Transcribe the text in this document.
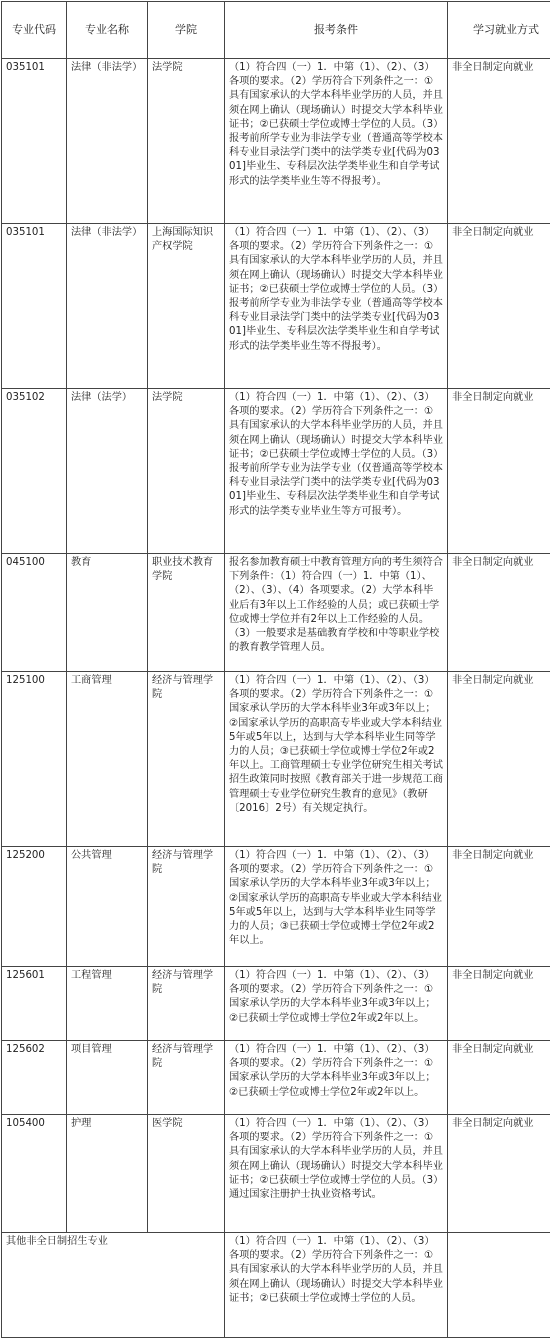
专业代码	专业名称	学院	报考条件	学习就业方式
035101	法律（非法学）	法学院	（1）符合四（一）1．中第（1）、（2）、（3）各项的要求。（2）学历符合下列条件之一：①具有国家承认的大学本科毕业学历的人员，并且须在网上确认（现场确认）时提交大学本科毕业证书；②已获硕士学位或博士学位的人员。（3）报考前所学专业为非法学专业（普通高等学校本科专业目录法学门类中的法学类专业[代码为0301]毕业生、专科层次法学类毕业生和自学考试形式的法学类毕业生等不得报考）。	非全日制定向就业
035101	法律（非法学）	上海国际知识产权学院	（1）符合四（一）1．中第（1）、（2）、（3）各项的要求。（2）学历符合下列条件之一：①具有国家承认的大学本科毕业学历的人员，并且须在网上确认（现场确认）时提交大学本科毕业证书；②已获硕士学位或博士学位的人员。（3）报考前所学专业为非法学专业（普通高等学校本科专业目录法学门类中的法学类专业[代码为0301]毕业生、专科层次法学类毕业生和自学考试形式的法学类毕业生等不得报考）。	非全日制定向就业
035102	法律（法学）	法学院	（1）符合四（一）1．中第（1）、（2）、（3）各项的要求。（2）学历符合下列条件之一：①具有国家承认的大学本科毕业学历的人员，并且须在网上确认（现场确认）时提交大学本科毕业证书；②已获硕士学位或博士学位的人员。（3）报考前所学专业为法学专业（仅普通高等学校本科专业目录法学门类中的法学类专业[代码为0301]毕业生、专科层次法学类毕业生和自学考试形式的法学类专业毕业生等方可报考）。	非全日制定向就业
045100	教育	职业技术教育学院	报名参加教育硕士中教育管理方向的考生须符合下列条件：（1）符合四（一）1．中第（1）、（2）、（3）、（4）各项要求。（2）大学本科毕业后有3年以上工作经验的人员；或已获硕士学位或博士学位并有2年以上工作经验的人员。（3）一般要求是基础教育学校和中等职业学校的教育教学管理人员。	非全日制定向就业
125100	工商管理	经济与管理学院	（1）符合四（一）1．中第（1）、（2）、（3）各项的要求。（2）学历符合下列条件之一：①国家承认学历的大学本科毕业3年或3年以上；②国家承认学历的高职高专毕业或大学本科结业5年或5年以上，达到与大学本科毕业生同等学力的人员；③已获硕士学位或博士学位2年或2年以上。工商管理硕士专业学位研究生相关考试招生政策同时按照《教育部关于进一步规范工商管理硕士专业学位研究生教育的意见》（教研〔2016〕2号）有关规定执行。	非全日制定向就业
125200	公共管理	经济与管理学院	（1）符合四（一）1．中第（1）、（2）、（3）各项的要求。（2）学历符合下列条件之一：①国家承认学历的大学本科毕业3年或3年以上；②国家承认学历的高职高专毕业或大学本科结业5年或5年以上，达到与大学本科毕业生同等学力的人员；③已获硕士学位或博士学位2年或2年以上。	非全日制定向就业
125601	工程管理	经济与管理学院	（1）符合四（一）1．中第（1）、（2）、（3）各项的要求。（2）学历符合下列条件之一：①国家承认学历的大学本科毕业3年或3年以上；②已获硕士学位或博士学位2年或2年以上。	非全日制定向就业
125602	项目管理	经济与管理学院	（1）符合四（一）1．中第（1）、（2）、（3）各项的要求。（2）学历符合下列条件之一：①国家承认学历的大学本科毕业3年或3年以上；②已获硕士学位或博士学位2年或2年以上。	非全日制定向就业
105400	护理	医学院	（1）符合四（一）1．中第（1）、（2）、（3）各项的要求。（2）学历符合下列条件之一：①具有国家承认的大学本科毕业学历的人员，并且须在网上确认（现场确认）时提交大学本科毕业证书；②已获硕士学位或博士学位的人员。（3）通过国家注册护士执业资格考试。	非全日制定向就业
其他非全日制招生专业			（1）符合四（一）1．中第（1）、（2）、（3）各项的要求。（2）学历符合下列条件之一：①具有国家承认的大学本科毕业学历的人员，并且须在网上确认（现场确认）时提交大学本科毕业证书；②已获硕士学位或博士学位的人员。	
